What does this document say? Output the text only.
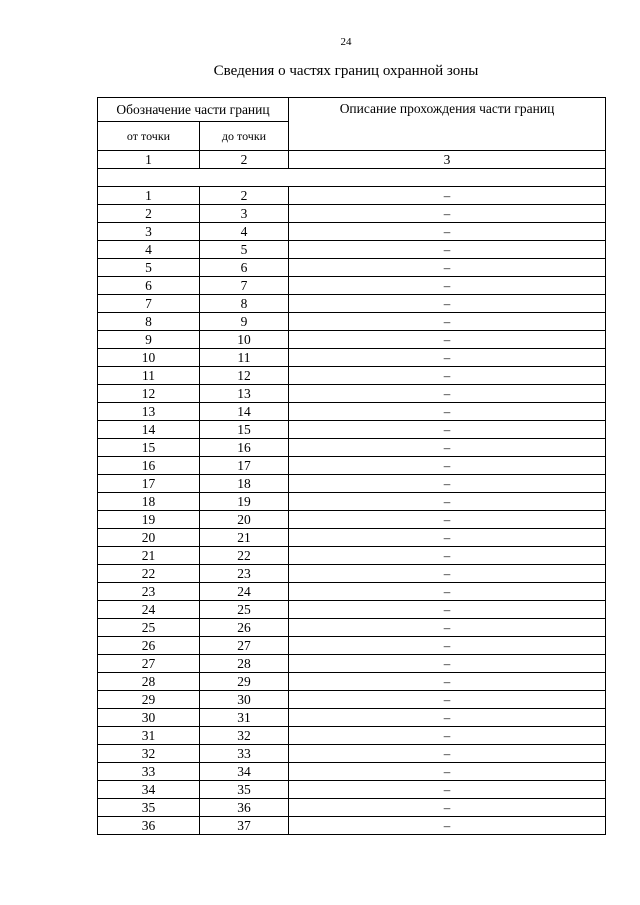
24
Сведения о частях границ охранной зоны
Обозначение части границ		Описание прохождения части границ
от точки	до точки	
1	2	3

1	2	–
2	3	–
3	4	–
4	5	–
5	6	–
6	7	–
7	8	–
8	9	–
9	10	–
10	11	–
11	12	–
12	13	–
13	14	–
14	15	–
15	16	–
16	17	–
17	18	–
18	19	–
19	20	–
20	21	–
21	22	–
22	23	–
23	24	–
24	25	–
25	26	–
26	27	–
27	28	–
28	29	–
29	30	–
30	31	–
31	32	–
32	33	–
33	34	–
34	35	–
35	36	–
36	37	–
